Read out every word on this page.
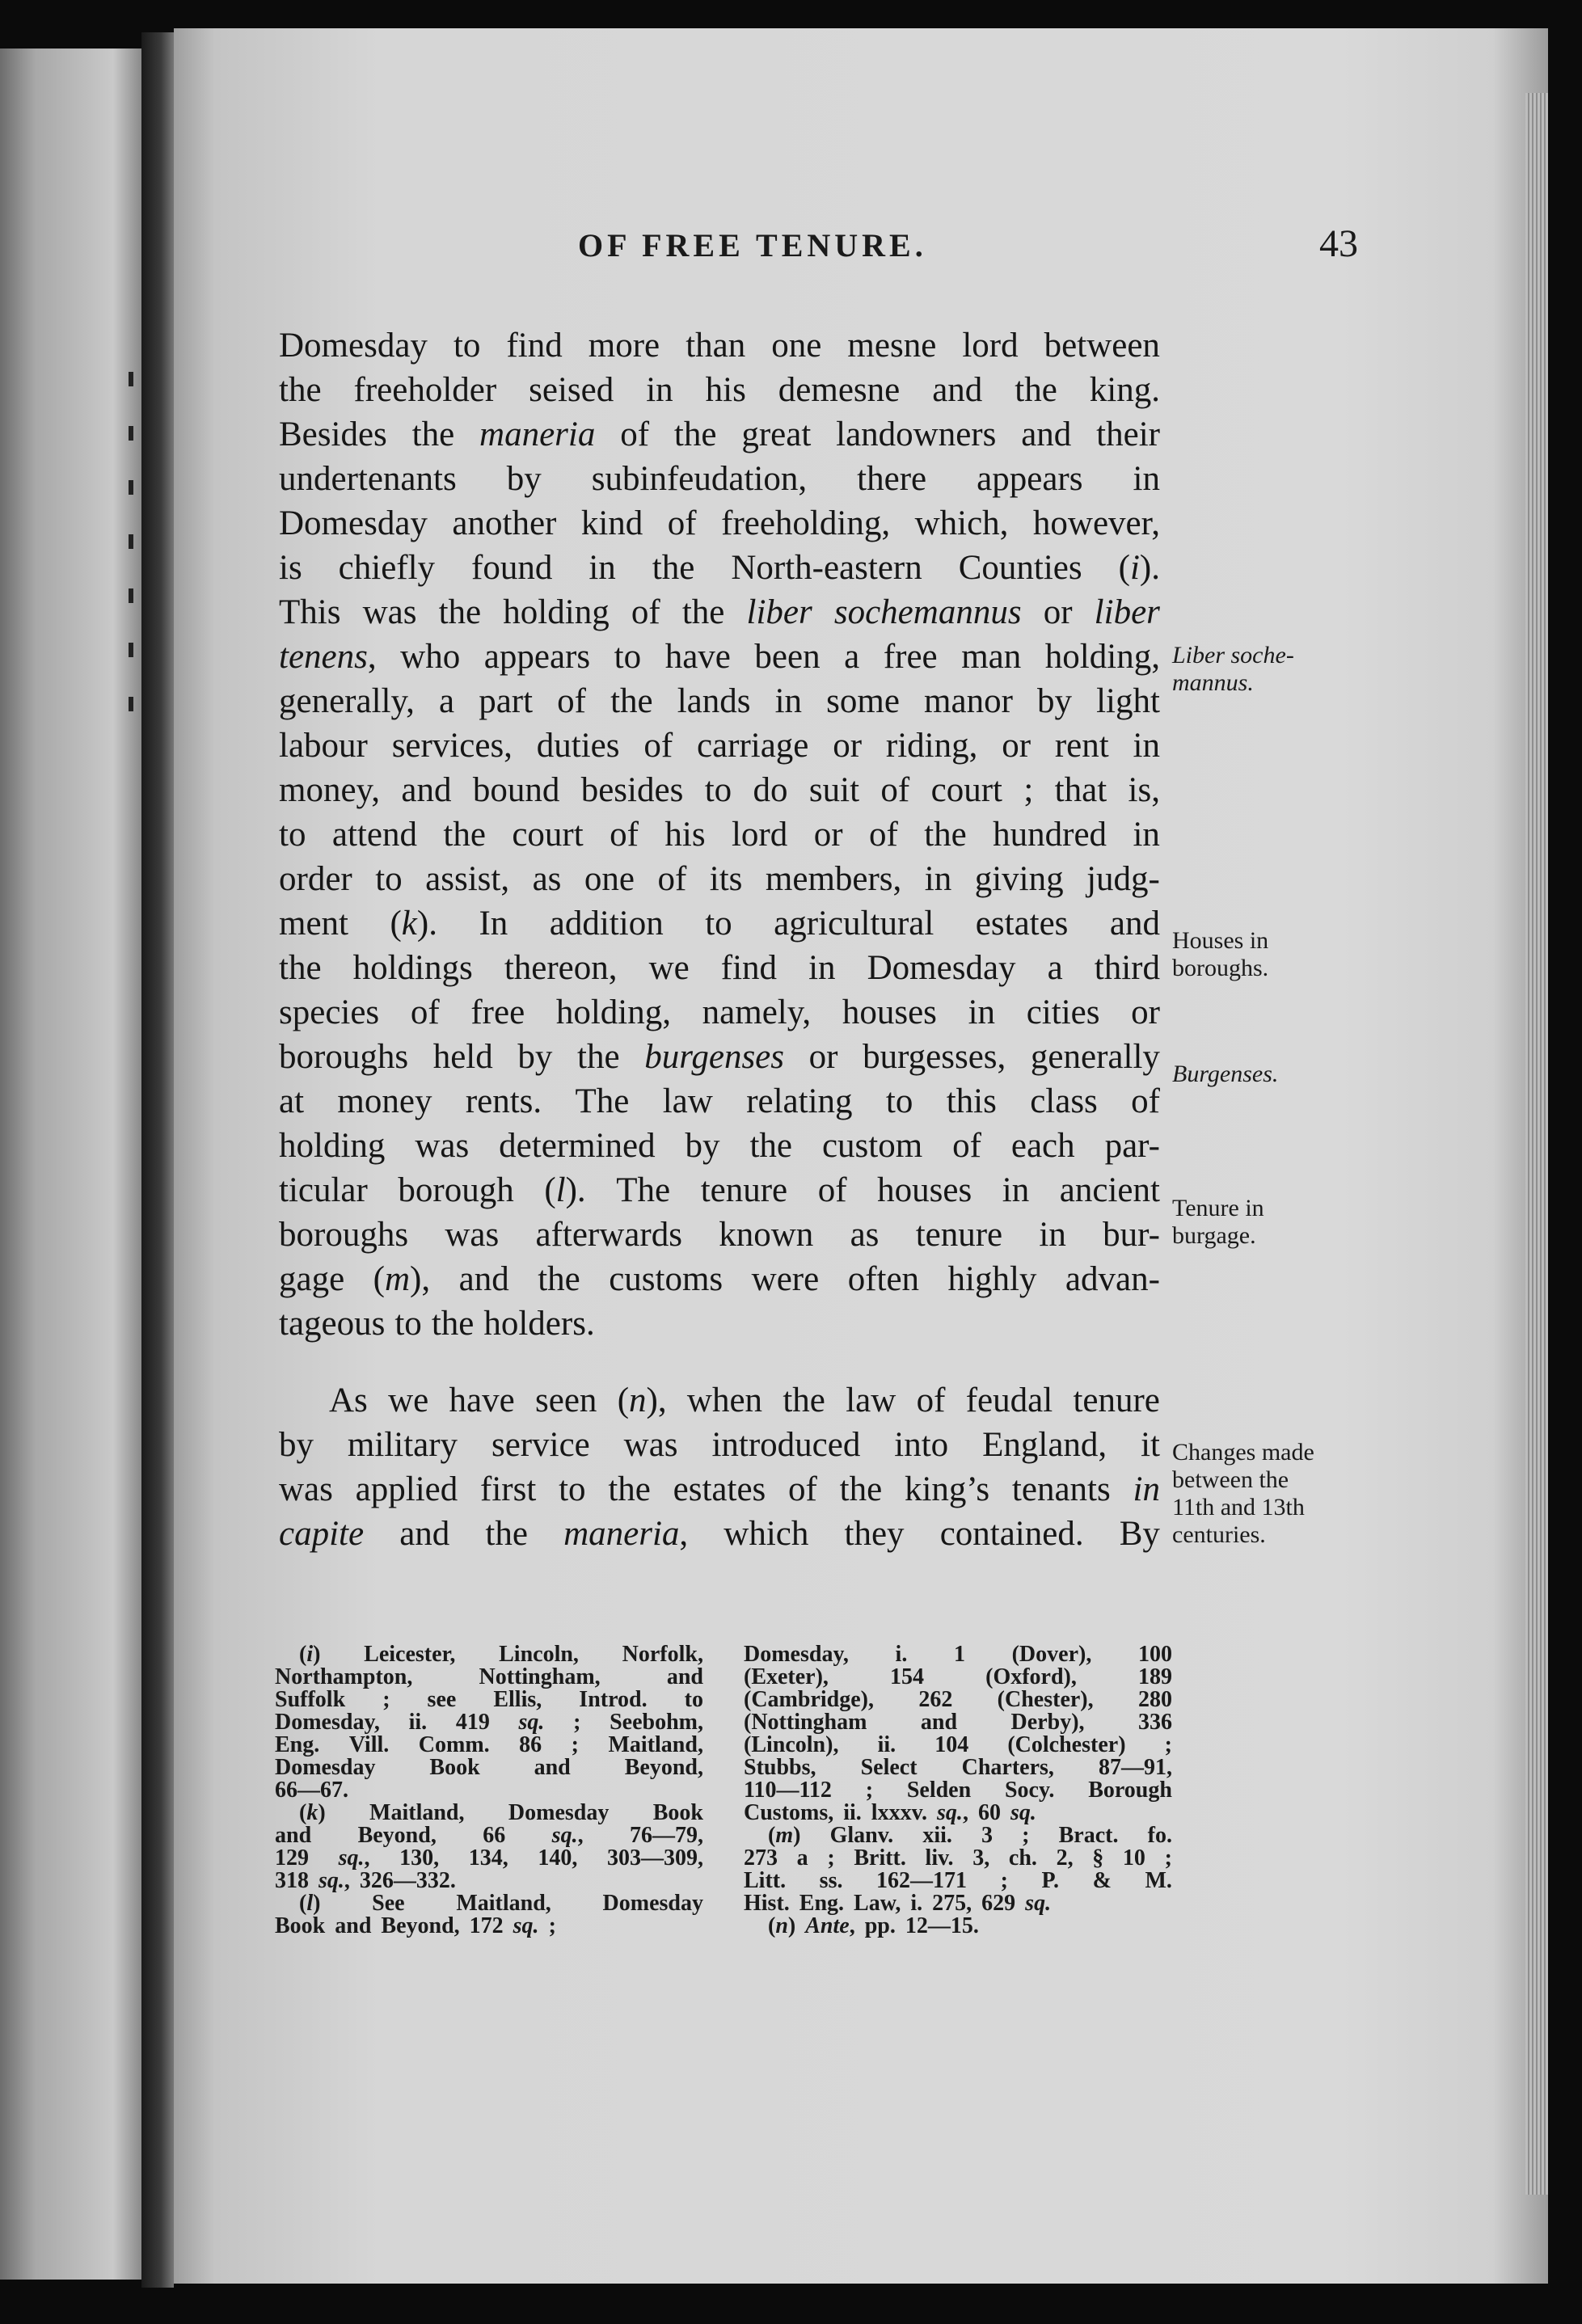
OF FREE TENURE.	43
Domesday to find more than one mesne lord between
the freeholder seised in his demesne and the king.
Besides the maneria of the great landowners and their
undertenants by subinfeudation, there appears in
Domesday another kind of freeholding, which, however,
is chiefly found in the North-eastern Counties (i).
This was the holding of the liber sochemannus or liber
tenens, who appears to have been a free man holding,
generally, a part of the lands in some manor by light
labour services, duties of carriage or riding, or rent in
money, and bound besides to do suit of court ; that is,
to attend the court of his lord or of the hundred in
order to assist, as one of its members, in giving judg-
ment (k). In addition to agricultural estates and
the holdings thereon, we find in Domesday a third
species of free holding, namely, houses in cities or
boroughs held by the burgenses or burgesses, generally
at money rents. The law relating to this class of
holding was determined by the custom of each par-
ticular borough (l). The tenure of houses in ancient
boroughs was afterwards known as tenure in bur-
gage (m), and the customs were often highly advan-
tageous to the holders.
As we have seen (n), when the law of feudal tenure
by military service was introduced into England, it
was applied first to the estates of the king’s tenants in
capite and the maneria, which they contained. By
Liber soche-
mannus.
Houses in
boroughs.
Burgenses.
Tenure in
burgage.
Changes made
between the
11th and 13th
centuries.
(i) Leicester, Lincoln, Norfolk,
Northampton,	Nottingham,	and
Suffolk ; see Ellis, Introd. to
Domesday, ii. 419 sq. ; Seebohm,
Eng. Vill. Comm. 86 ; Maitland,
Domesday Book and Beyond,
66—67.
(k) Maitland, Domesday Book
and Beyond, 66 sq., 76—79,
129 sq., 130, 134, 140, 303—309,
318 sq., 326—332.
(l) See Maitland, Domesday
Book and Beyond, 172 sq. ;
Domesday, i. 1 (Dover), 100
(Exeter),	154	(Oxford),	189
(Cambridge), 262 (Chester), 280
(Nottingham and Derby), 336
(Lincoln), ii. 104 (Colchester) ;
Stubbs, Select Charters, 87—91,
110—112 ; Selden Socy. Borough
Customs, ii. lxxxv. sq., 60 sq.
(m) Glanv. xii. 3 ; Bract. fo.
273 a ; Britt. liv. 3, ch. 2, § 10 ;
Litt. ss. 162—171 ; P. & M.
Hist. Eng. Law, i. 275, 629 sq.
(n) Ante, pp. 12—15.
